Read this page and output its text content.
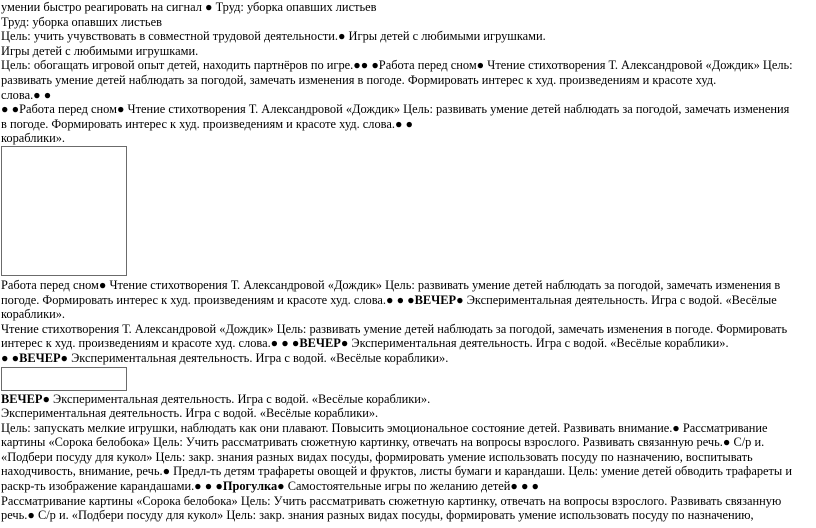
умении быстро реагировать на сигнал ● Труд: уборка опавших листьев
Труд: уборка опавших листьев
Цель: учить учувствовать в совместной трудовой деятельности.● Игры детей с любимыми игрушками.
Игры детей с любимыми игрушками.
Цель: обогащать игровой опыт детей, находить партнёров по игре.●● ●Работа перед сном● Чтение стихотворения Т. Александровой «Дождик» Цель:
развивать умение детей наблюдать за погодой, замечать изменения в погоде. Формировать интерес к худ. произведениям и красоте худ.
слова.● ●
● ●Работа перед сном● Чтение стихотворения Т. Александровой «Дождик» Цель: развивать умение детей наблюдать за погодой, замечать изменения
в погоде. Формировать интерес к худ. произведениям и красоте худ. слова.● ●
кораблики».
Работа перед сном● Чтение стихотворения Т. Александровой «Дождик» Цель: развивать умение детей наблюдать за погодой, замечать изменения в
погоде. Формировать интерес к худ. произведениям и красоте худ. слова.● ● ●ВЕЧЕР● Экспериментальная деятельность. Игра с водой. «Весёлые
кораблики».
Чтение стихотворения Т. Александровой «Дождик» Цель: развивать умение детей наблюдать за погодой, замечать изменения в погоде. Формировать
интерес к худ. произведениям и красоте худ. слова.● ● ●ВЕЧЕР● Экспериментальная деятельность. Игра с водой. «Весёлые кораблики».
● ●ВЕЧЕР● Экспериментальная деятельность. Игра с водой. «Весёлые кораблики».
ВЕЧЕР● Экспериментальная деятельность. Игра с водой. «Весёлые кораблики».
Экспериментальная деятельность. Игра с водой. «Весёлые кораблики».
Цель: запускать мелкие игрушки, наблюдать как они плавают. Повысить эмоциональное состояние детей. Развивать внимание.● Рассматривание
картины «Сорока белобока» Цель: Учить рассматривать сюжетную картинку, отвечать на вопросы взрослого. Развивать связанную речь.● С/р и.
«Подбери посуду для кукол» Цель: закр. знания разных видах посуды, формировать умение использовать посуду по назначению, воспитывать
находчивость, внимание, речь.● Предл-ть детям трафареты овощей и фруктов, листы бумаги и карандаши. Цель: умение детей обводить трафареты и
раскр-ть изображение карандашами.● ● ●Прогулка● Самостоятельные игры по желанию детей● ● ●
Рассматривание картины «Сорока белобока» Цель: Учить рассматривать сюжетную картинку, отвечать на вопросы взрослого. Развивать связанную
речь.● С/р и. «Подбери посуду для кукол» Цель: закр. знания разных видах посуды, формировать умение использовать посуду по назначению,
